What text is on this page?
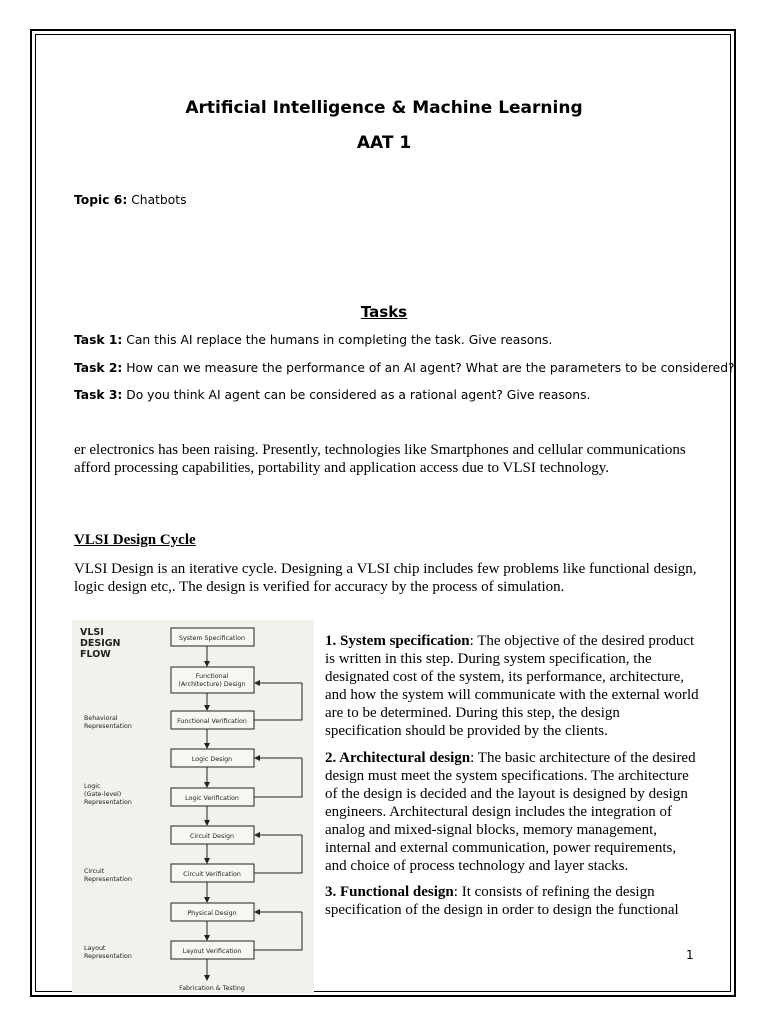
Artificial Intelligence & Machine Learning
AAT 1
Topic 6: Chatbots
Tasks
Task 1: Can this AI replace the humans in completing the task. Give reasons.
Task 2: How can we measure the performance of an AI agent? What are the parameters to be considered?
Task 3: Do you think AI agent can be considered as a rational agent? Give reasons.
er electronics has been raising. Presently, technologies like Smartphones and cellular communications afford processing capabilities, portability and application access due to VLSI technology.
VLSI Design Cycle
VLSI Design is an iterative cycle. Designing a VLSI chip includes few problems like functional design, logic design etc,. The design is verified for accuracy by the process of simulation.
VLSI
DESIGN
FLOW
System Specification
Functional
(Architecture) Design
Functional Verification
Logic Design
Logic Verification
Circuit Design
Circuit Verification
Physical Design
Layout Verification
Fabrication & Testing
Behavioral
Representation
Logic
(Gate-level)
Representation
Circuit
Representation
Layout
Representation

1. System specification: The objective of the desired product is written in this step. During system specification, the designated cost of the system, its performance, architecture, and how the system will communicate with the external world are to be determined. During this step, the design specification should be provided by the clients.

2. Architectural design: The basic architecture of the desired design must meet the system specifications. The architecture of the design is decided and the layout is designed by design engineers. Architectural design includes the integration of analog and mixed-signal blocks, memory management, internal and external communication, power requirements, and choice of process technology and layer stacks.

3. Functional design: It consists of refining the design specification of the design in order to design the functional

1
